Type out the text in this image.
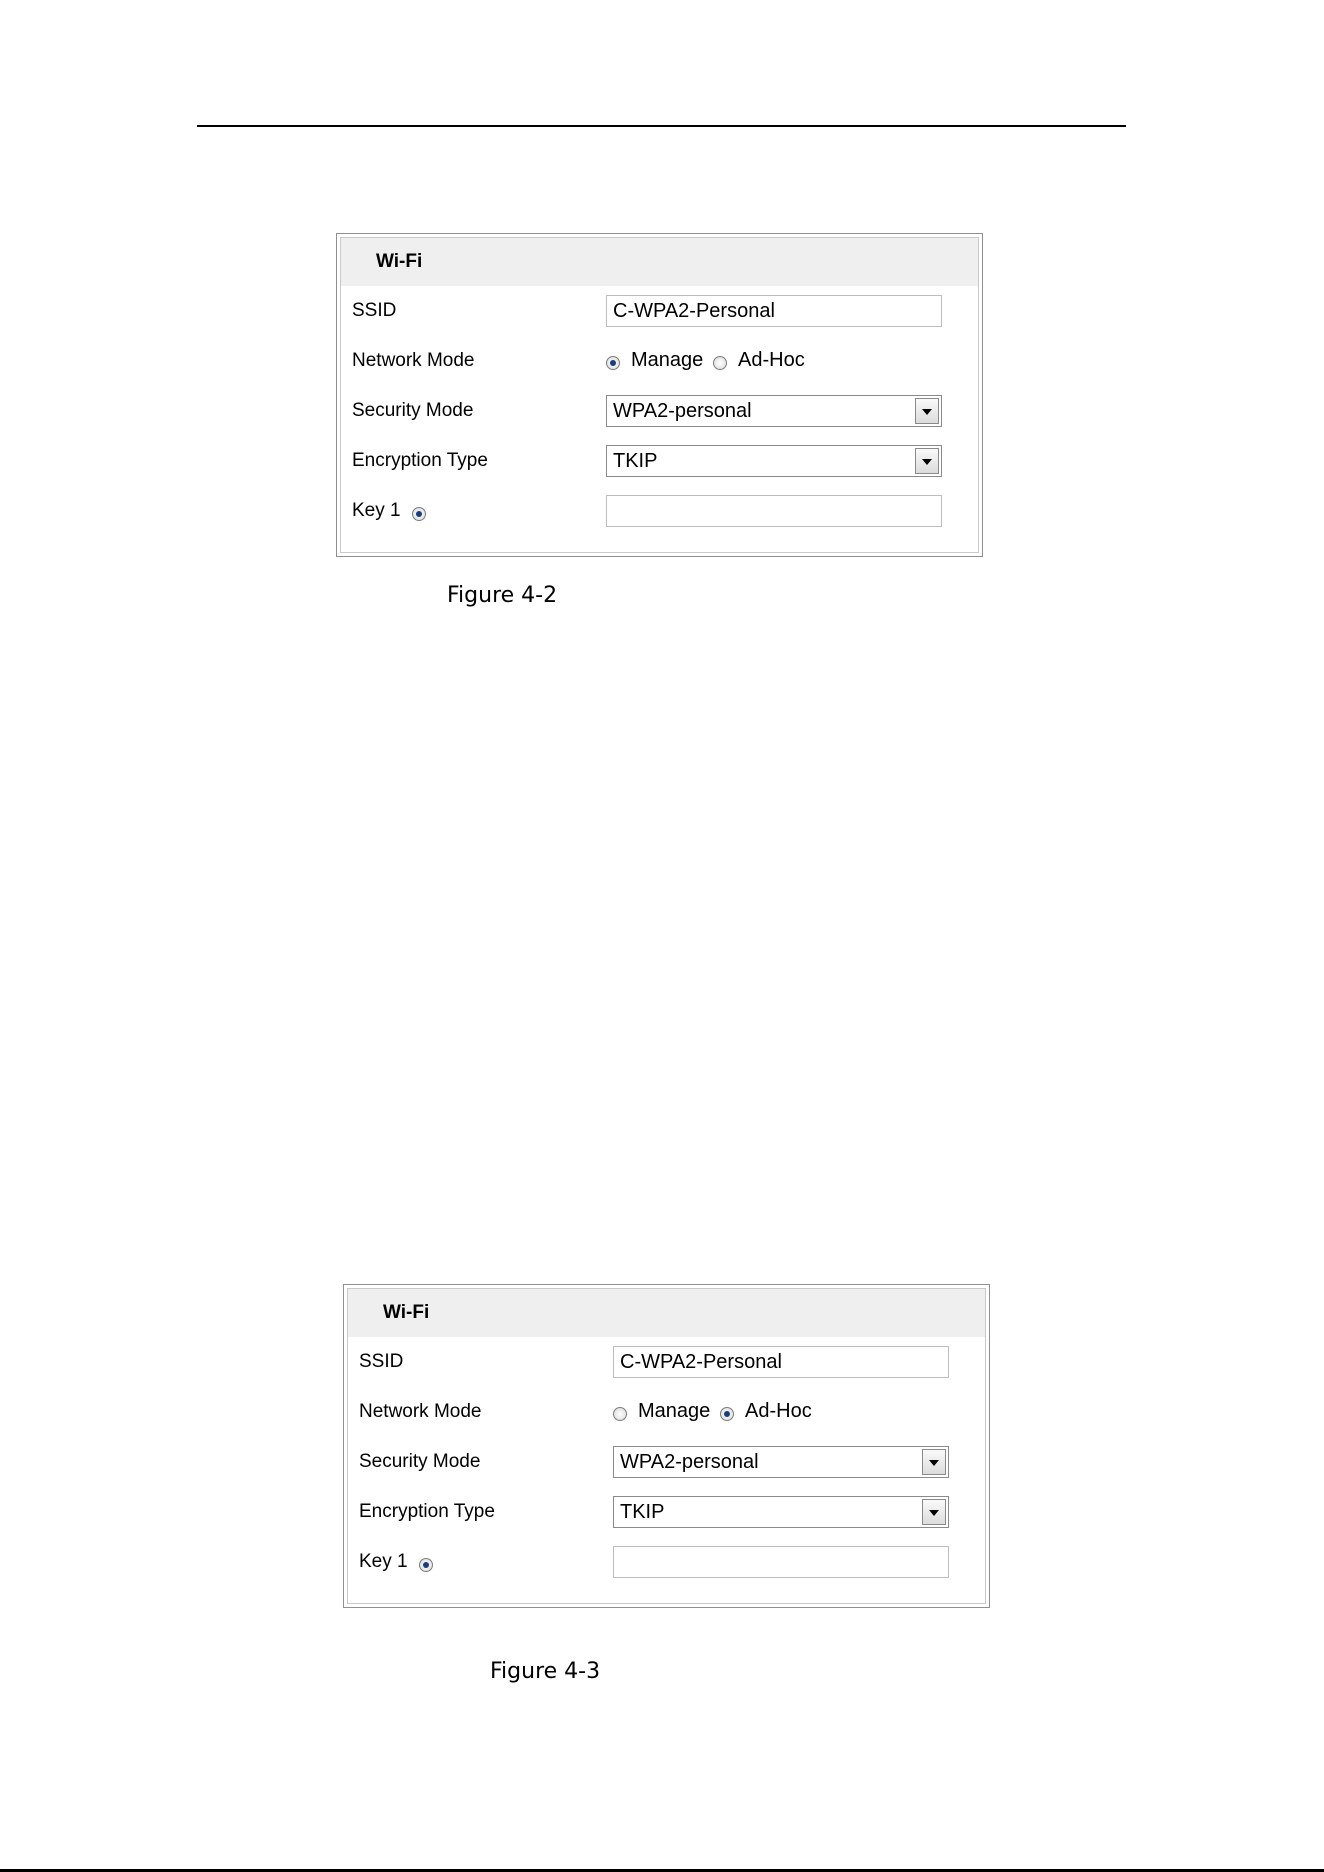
Wi-Fi
SSID	C-WPA2-Personal
Network Mode	Manage Ad-Hoc
Security Mode	WPA2-personal
Encryption Type	TKIP
Key 1
Figure 4-2
Wi-Fi
SSID	C-WPA2-Personal
Network Mode	Manage Ad-Hoc
Security Mode	WPA2-personal
Encryption Type	TKIP
Key 1
Figure 4-3
